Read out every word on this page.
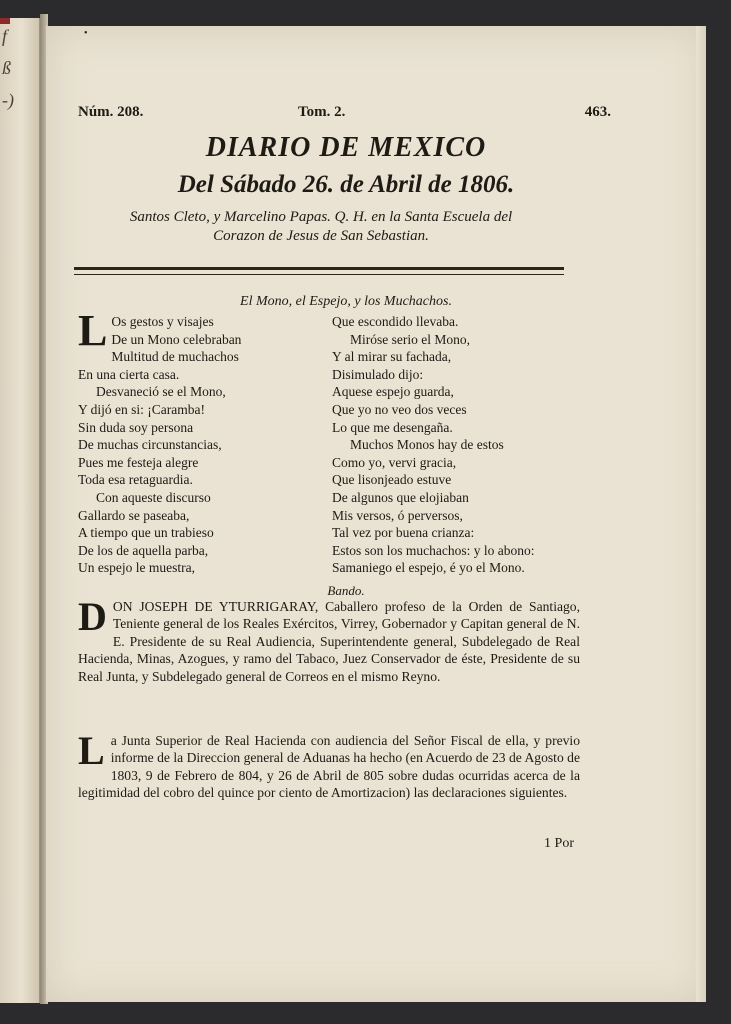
f
ß
-)
Núm. 208.	Tom. 2.	463.
DIARIO DE MEXICO
Del Sábado 26. de Abril de 1806.
Santos Cleto, y Marcelino Papas. Q. H. en la Santa Escuela del
Corazon de Jesus de San Sebastian.
El Mono, el Espejo, y los Muchachos.
L Os gestos y visajes
De un Mono celebraban
Multitud de muchachos
En una cierta casa.
Desvaneció se el Mono,
Y dijó en si: ¡Caramba!
Sin duda soy persona
De muchas circunstancias,
Pues me festeja alegre
Toda esa retaguardia.
Con aqueste discurso
Gallardo se paseaba,
A tiempo que un trabieso
De los de aquella parba,
Un espejo le muestra,
Que escondido llevaba.
Miróse serio el Mono,
Y al mirar su fachada,
Disimulado dijo:
Aquese espejo guarda,
Que yo no veo dos veces
Lo que me desengaña.
Muchos Monos hay de estos
Como yo, vervi gracia,
Que lisonjeado estuve
De algunos que elojiaban
Mis versos, ó perversos,
Tal vez por buena crianza:
Estos son los muchachos: y lo abono:
Samaniego el espejo, é yo el Mono.
Bando.
D ON JOSEPH DE YTURRIGARAY, Caballero profeso de la Orden de Santiago, Teniente general de los Reales Exércitos, Virrey, Gobernador y Capitan general de N. E. Presidente de su Real Audiencia, Superintendente general, Subdelegado de Real Hacienda, Minas, Azogues, y ramo del Tabaco, Juez Conservador de éste, Presidente de su Real Junta, y Subdelegado general de Correos en el mismo Reyno.
L a Junta Superior de Real Hacienda con audiencia del Señor Fiscal de ella, y previo informe de la Direccion general de Aduanas ha hecho (en Acuerdo de 23 de Agosto de 1803, 9 de Febrero de 804, y 26 de Abril de 805 sobre dudas ocurridas acerca de la legitimidad del cobro del quince por ciento de Amortizacion) las declaraciones siguientes.
1 Por
•
